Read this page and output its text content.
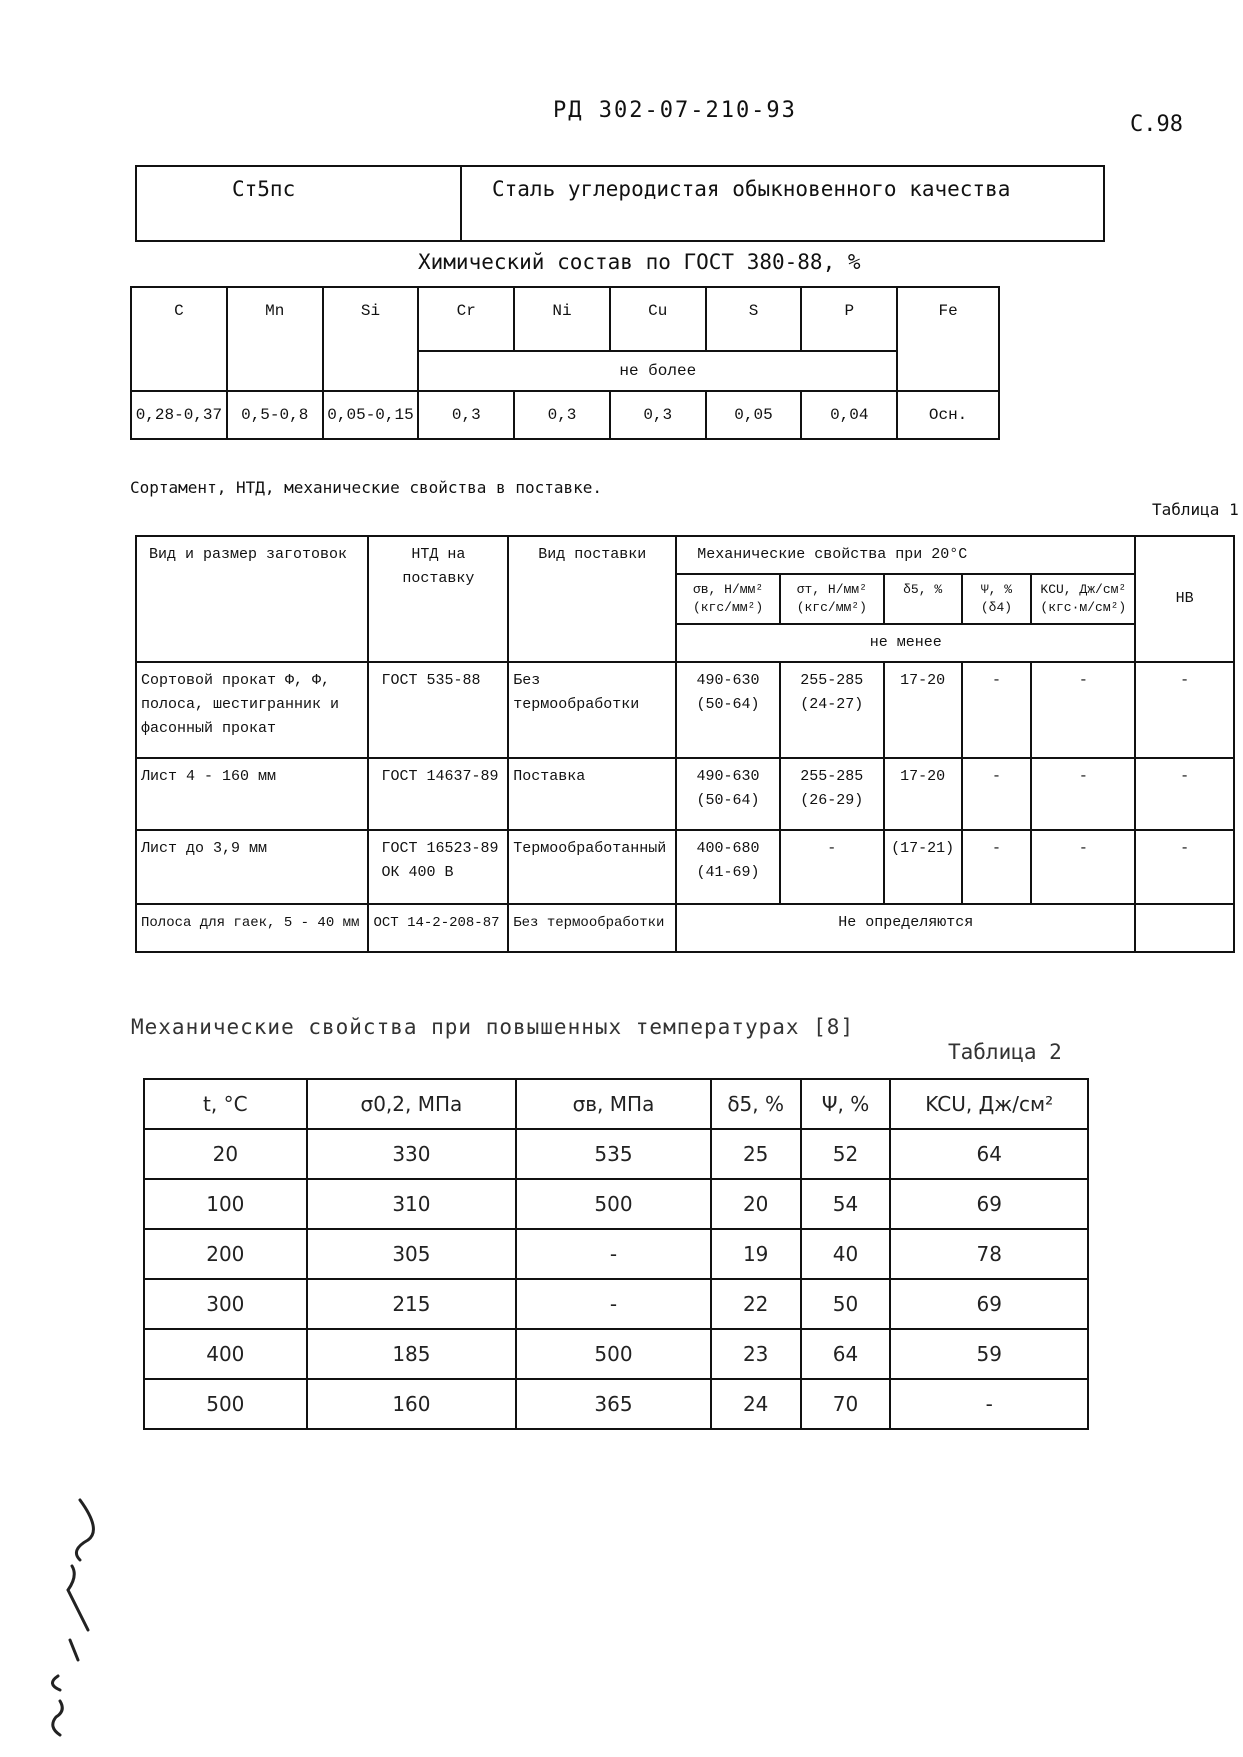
РД 302-07-210-93
С.98
Ст5пс	Сталь углеродистая обыкновенного качества
Химический состав по ГОСТ 380-88, %
C	Mn	Si	Cr	Ni	Cu	S	P	Fe
			не более					
0,28-0,37	0,5-0,8	0,05-0,15	0,3	0,3	0,3	0,05	0,04	Осн.
Сортамент, НТД, механические свойства в поставке.
Таблица 1
Вид и размер заготовок	НТД на поставку	Вид поставки	Механические свойства при 20°С					НВ
			σв, Н/мм² (кгс/мм²)	σт, Н/мм² (кгс/мм²)	δ5, %	Ψ, % (δ4)	KCU, Дж/см² (кгс·м/см²)	
			не менее					
Сортовой прокат Ф, Ф, полоса, шестигранник и фасонный прокат	ГОСТ 535-88	Без термообработки	490-630 (50-64)	255-285 (24-27)	17-20	-	-	-
Лист 4 - 160 мм	ГОСТ 14637-89	Поставка	490-630 (50-64)	255-285 (26-29)	17-20	-	-	-
Лист до 3,9 мм	ГОСТ 16523-89 ОК 400 В	Термообработанный	400-680 (41-69)	-	(17-21)	-	-	-
Полоса для гаек, 5 - 40 мм	ОСТ 14-2-208-87	Без термообработки	Не определяются					
Механические свойства при повышенных температурах [8]
Таблица 2
t, °С	σ0,2, МПа	σв, МПа	δ5, %	Ψ, %	KCU, Дж/см²
20	330	535	25	52	64
100	310	500	20	54	69
200	305	-	19	40	78
300	215	-	22	50	69
400	185	500	23	64	59
500	160	365	24	70	-
